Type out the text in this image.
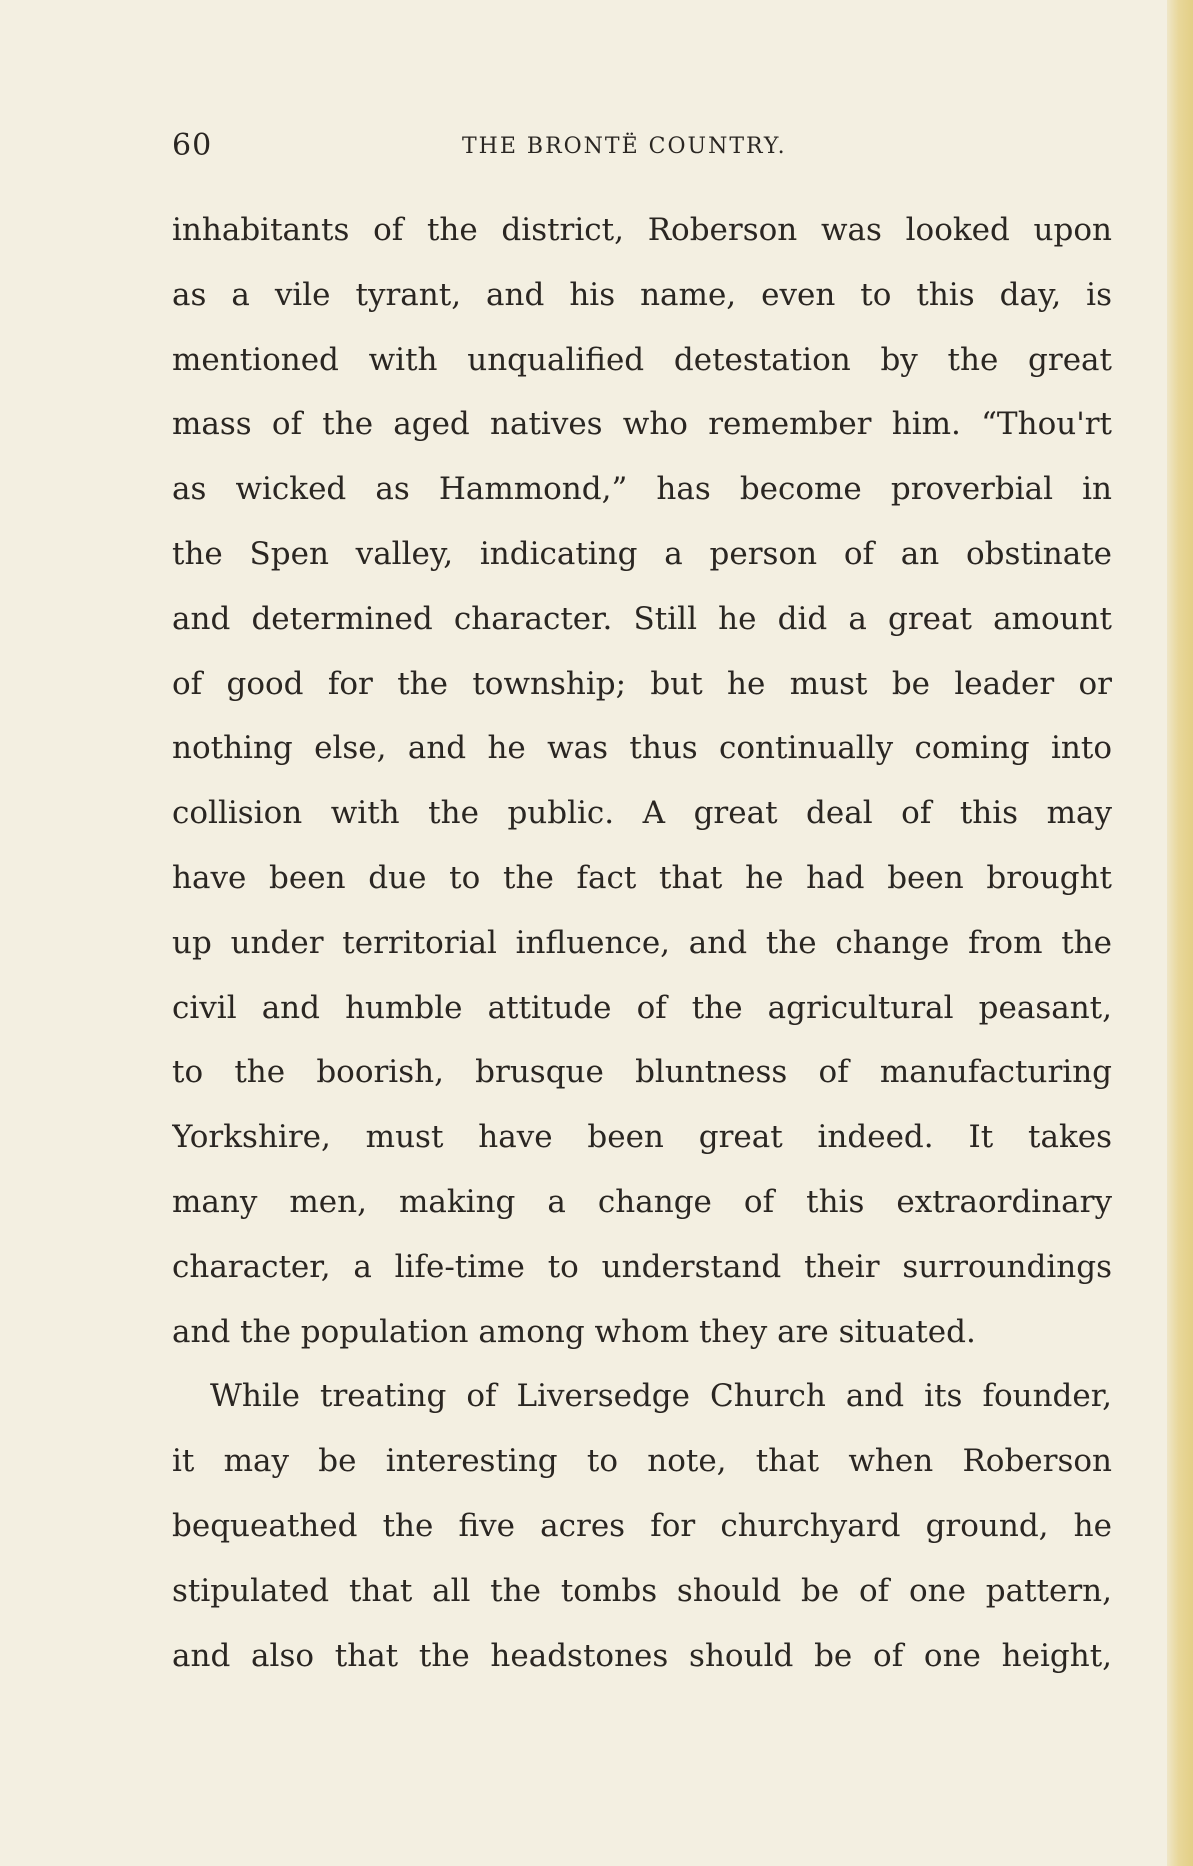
60	THE BRONTË COUNTRY.
inhabitants of the district, Roberson was looked upon
as a vile tyrant, and his name, even to this day, is
mentioned with unqualified detestation by the great
mass of the aged natives who remember him. “Thou'rt
as wicked as Hammond,” has become proverbial in
the Spen valley, indicating a person of an obstinate
and determined character. Still he did a great amount
of good for the township; but he must be leader or
nothing else, and he was thus continually coming into
collision with the public. A great deal of this may
have been due to the fact that he had been brought
up under territorial influence, and the change from the
civil and humble attitude of the agricultural peasant,
to the boorish, brusque bluntness of manufacturing
Yorkshire, must have been great indeed. It takes
many men, making a change of this extraordinary
character, a life-time to understand their surroundings
and the population among whom they are situated.
While treating of Liversedge Church and its founder,
it may be interesting to note, that when Roberson
bequeathed the five acres for churchyard ground, he
stipulated that all the tombs should be of one pattern,
and also that the headstones should be of one height,
